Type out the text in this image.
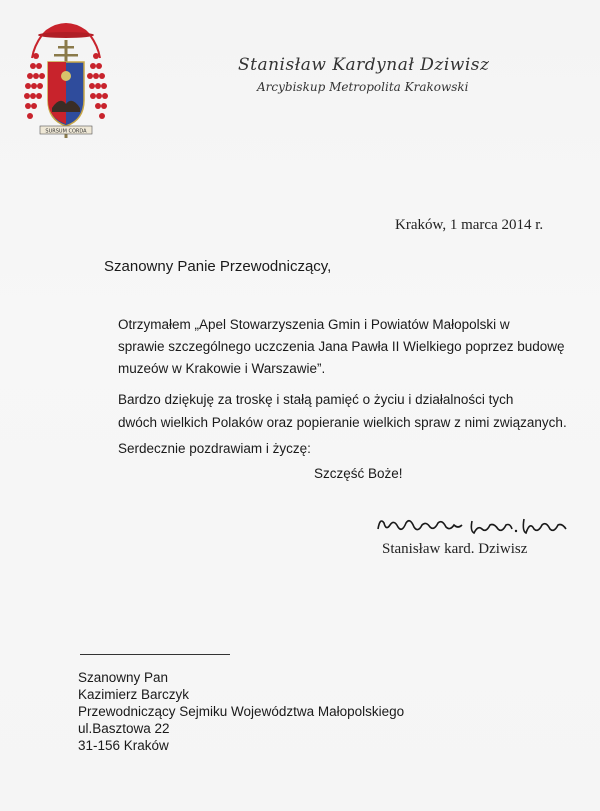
SURSUM CORDA
Stanisław Kardynał Dziwisz
Arcybiskup Metropolita Krakowski
Kraków, 1 marca 2014 r.
Szanowny Panie Przewodniczący,
Otrzymałem „Apel Stowarzyszenia Gmin i Powiatów Małopolski w
sprawie szczególnego uczczenia Jana Pawła II Wielkiego poprzez budowę
muzeów w Krakowie i Warszawie”.
Bardzo dziękuję za troskę i stałą pamięć o życiu i działalności tych
dwóch wielkich Polaków oraz popieranie wielkich spraw z nimi związanych.
Serdecznie pozdrawiam i życzę:
Szczęść Boże!
Stanisław kard. Dziwisz
Szanowny Pan
Kazimierz Barczyk
Przewodniczący Sejmiku Województwa Małopolskiego
ul.Basztowa 22
31-156 Kraków
